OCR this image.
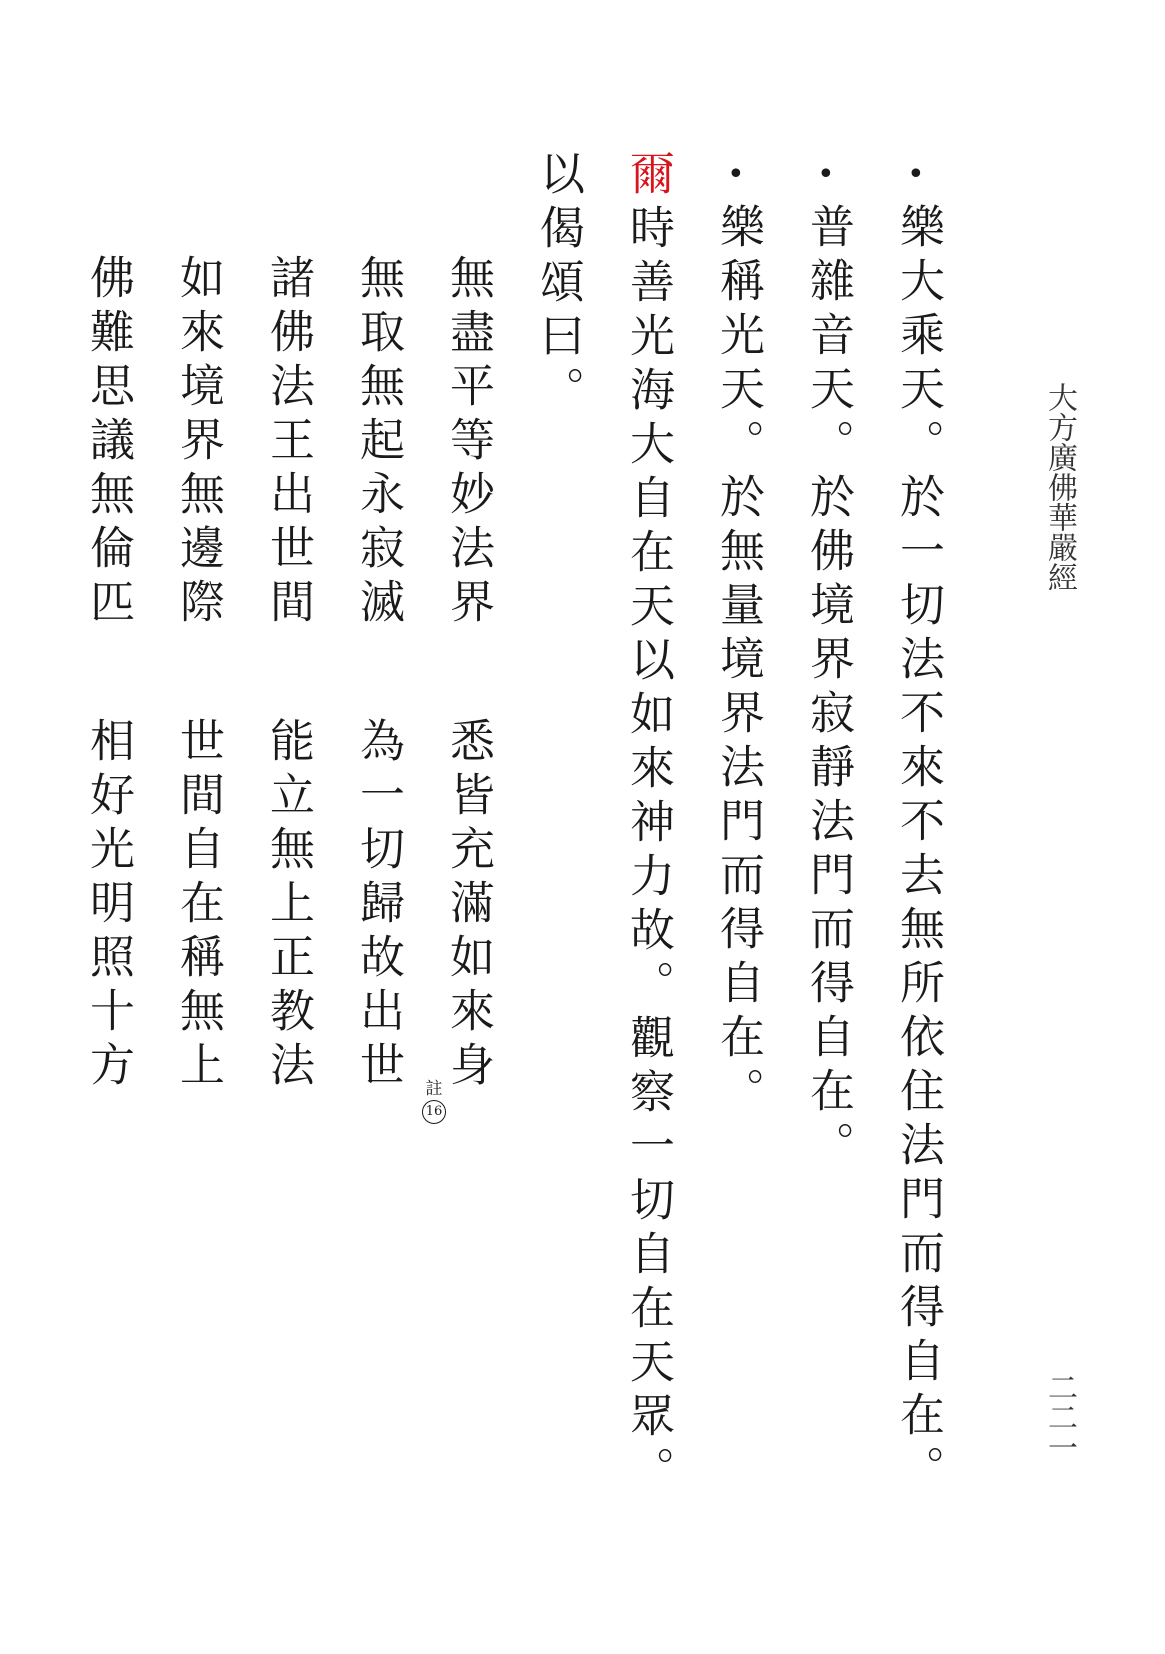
大方廣佛華嚴經
二二一
•
樂大乘天。於一切法不來不去無所依住法門而得自在。
•
普雜音天。於佛境界寂靜法門而得自在。
•
樂稱光天。於無量境界法門而得自在。
爾時善光海大自在天以如來神力故。觀察一切自在天眾。
以偈頌曰。
無盡平等妙法界
無取無起永寂滅
諸佛法王出世間
如來境界無邊際
佛難思議無倫匹
悉皆充滿如來身
為一切歸故出世
能立無上正教法
世間自在稱無上
相好光明照十方	註
16
